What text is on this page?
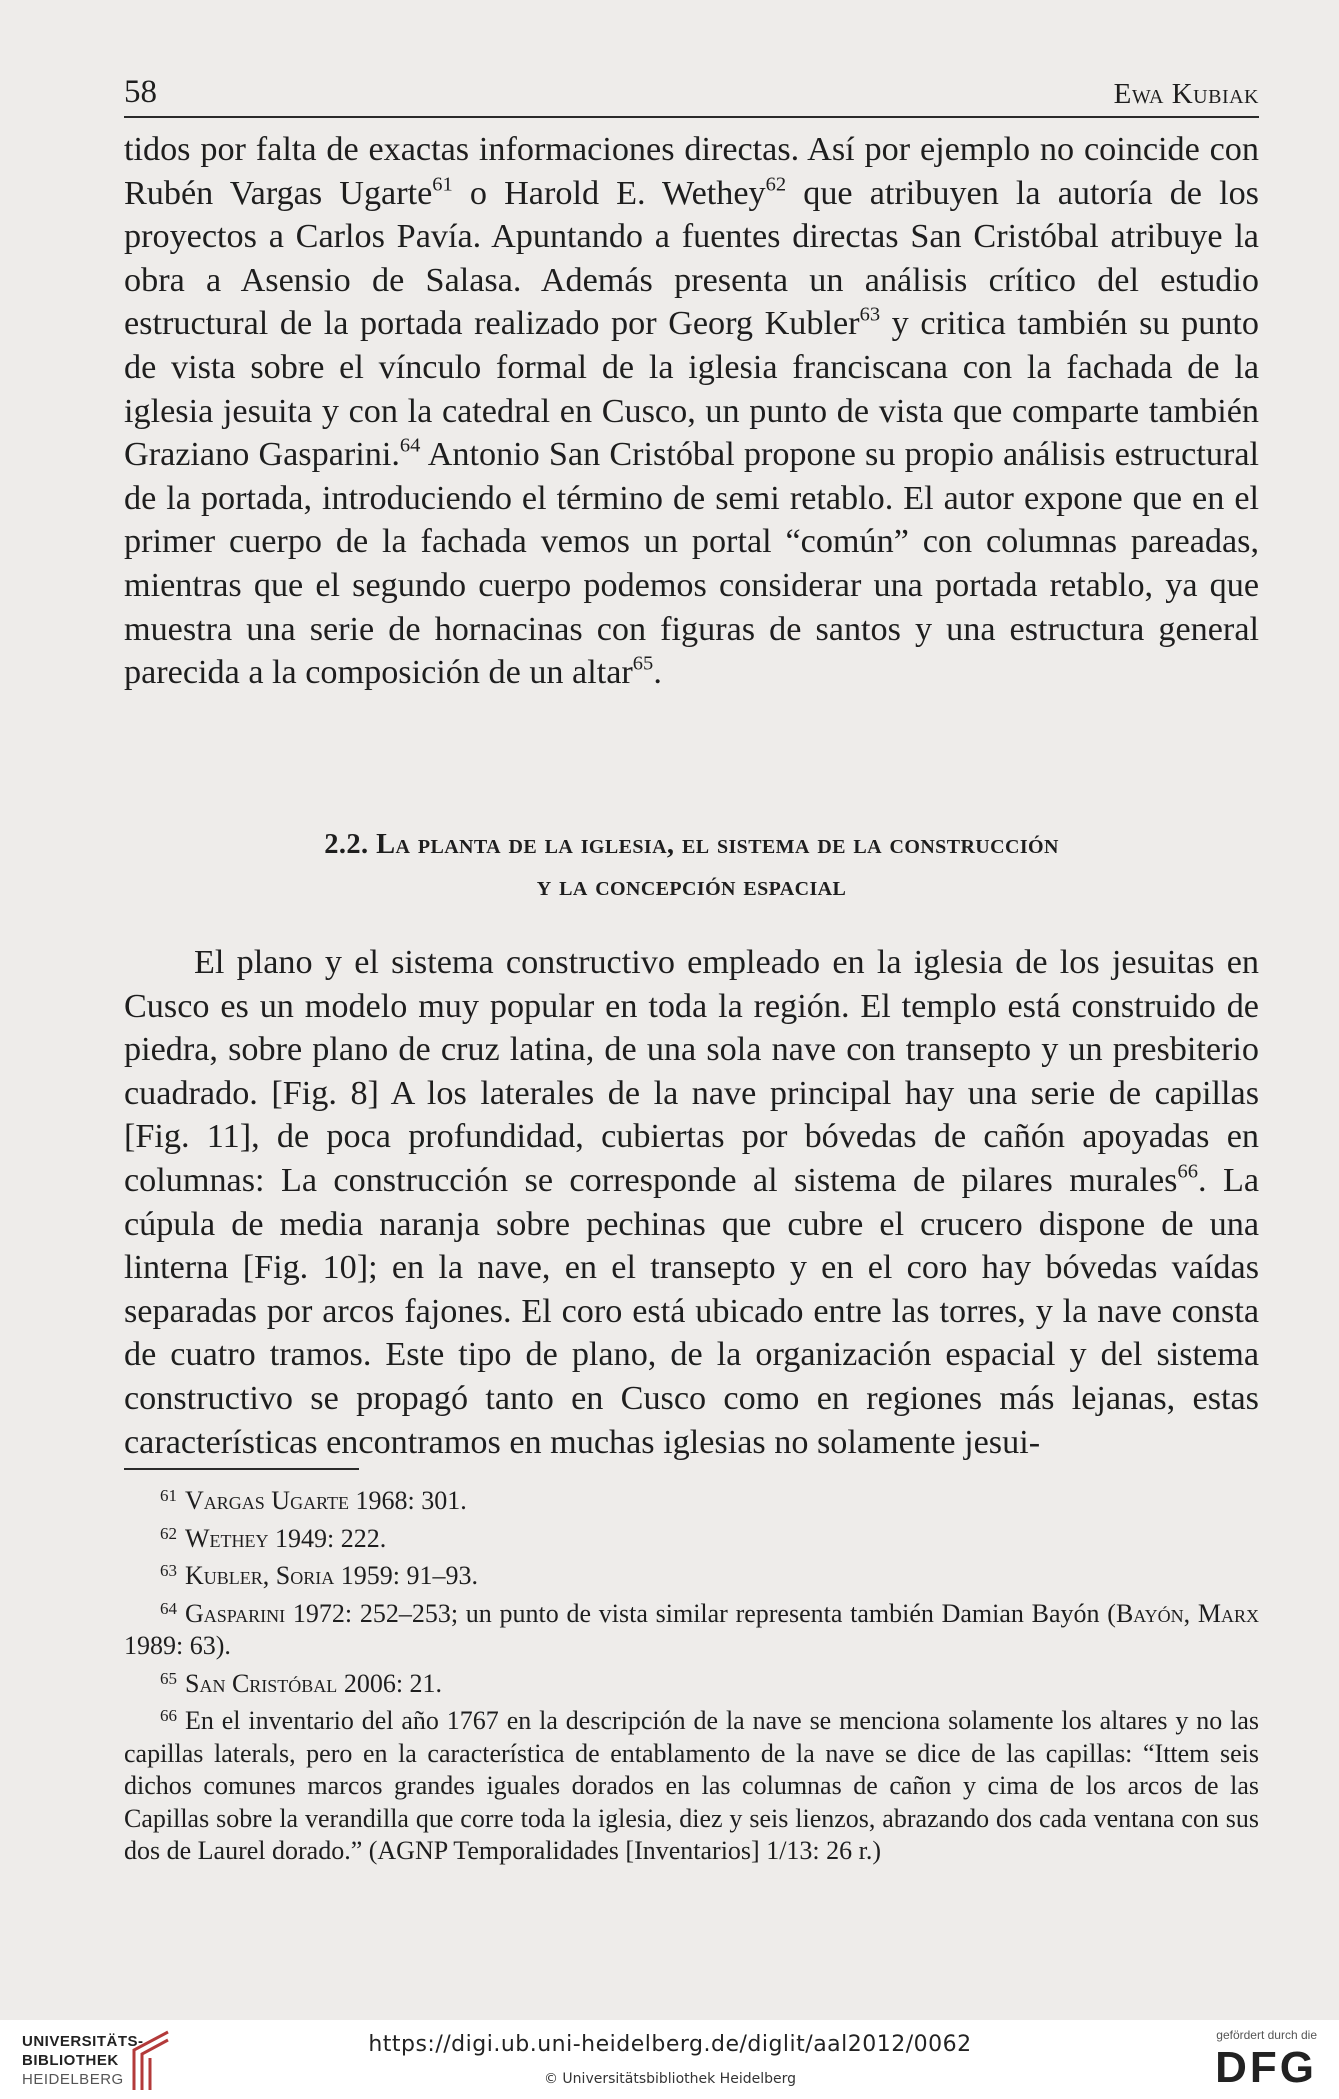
58	Ewa Kubiak

tidos por falta de exactas informaciones directas. Así por ejemplo no coincide con Rubén Vargas Ugarte$^{61}$ o Harold E. Wethey$^{62}$ que atribuyen la autoría de los proyectos a Carlos Pavía. Apuntando a fuentes directas San Cristóbal atribuye la obra a Asensio de Salasa. Además presenta un análisis crítico del estudio estructural de la portada realizado por Georg Kubler$^{63}$ y critica también su punto de vista sobre el vínculo formal de la iglesia franciscana con la fachada de la iglesia jesuita y con la catedral en Cusco, un punto de vista que comparte también Graziano Gasparini.$^{64}$ Antonio San Cristóbal propone su propio análisis estructural de la portada, introduciendo el término de semi retablo. El autor expone que en el primer cuerpo de la fachada vemos un portal “común” con columnas pareadas, mientras que el segundo cuerpo podemos considerar una portada retablo, ya que muestra una serie de hornacinas con figuras de santos y una estructura general parecida a la composición de un altar$^{65}$.

2.2. La planta de la iglesia, el sistema de la construcción
y la concepción espacial

El plano y el sistema constructivo empleado en la iglesia de los jesuitas en Cusco es un modelo muy popular en toda la región. El templo está construido de piedra, sobre plano de cruz latina, de una sola nave con transepto y un presbiterio cuadrado. [Fig. 8] A los laterales de la nave principal hay una serie de capillas [Fig. 11], de poca profundidad, cubiertas por bóvedas de cañón apoyadas en columnas: La construcción se corresponde al sistema de pilares murales$^{66}$. La cúpula de media naranja sobre pechinas que cubre el crucero dispone de una linterna [Fig. 10]; en la nave, en el transepto y en el coro hay bóvedas vaídas separadas por arcos fajones. El coro está ubicado entre las torres, y la nave consta de cuatro tramos. Este tipo de plano, de la organización espacial y del sistema constructivo se propagó tanto en Cusco como en regiones más lejanas, estas características encontramos en muchas iglesias no solamente jesui-

$^{61}$ Vargas Ugarte 1968: 301.

$^{62}$ Wethey 1949: 222.

$^{63}$ Kubler, Soria 1959: 91–93.

$^{64}$ Gasparini 1972: 252–253; un punto de vista similar representa también Damian Bayón (Bayón, Marx 1989: 63).

$^{65}$ San Cristóbal 2006: 21.

$^{66}$ En el inventario del año 1767 en la descripción de la nave se menciona solamente los altares y no las capillas laterals, pero en la característica de entablamento de la nave se dice de las capillas: “Ittem seis dichos comunes marcos grandes iguales dorados en las columnas de cañon y cima de los arcos de las Capillas sobre la verandilla que corre toda la iglesia, diez y seis lienzos, abrazando dos cada ventana con sus dos de Laurel dorado.” (AGNP Temporalidades [Inventarios] 1/13: 26 r.)

UNIVERSITÄTS-
BIBLIOTHEK
HEIDELBERG
https://digi.ub.uni-heidelberg.de/diglit/aal2012/0062
© Universitätsbibliothek Heidelberg
gefördert durch die
DFG
